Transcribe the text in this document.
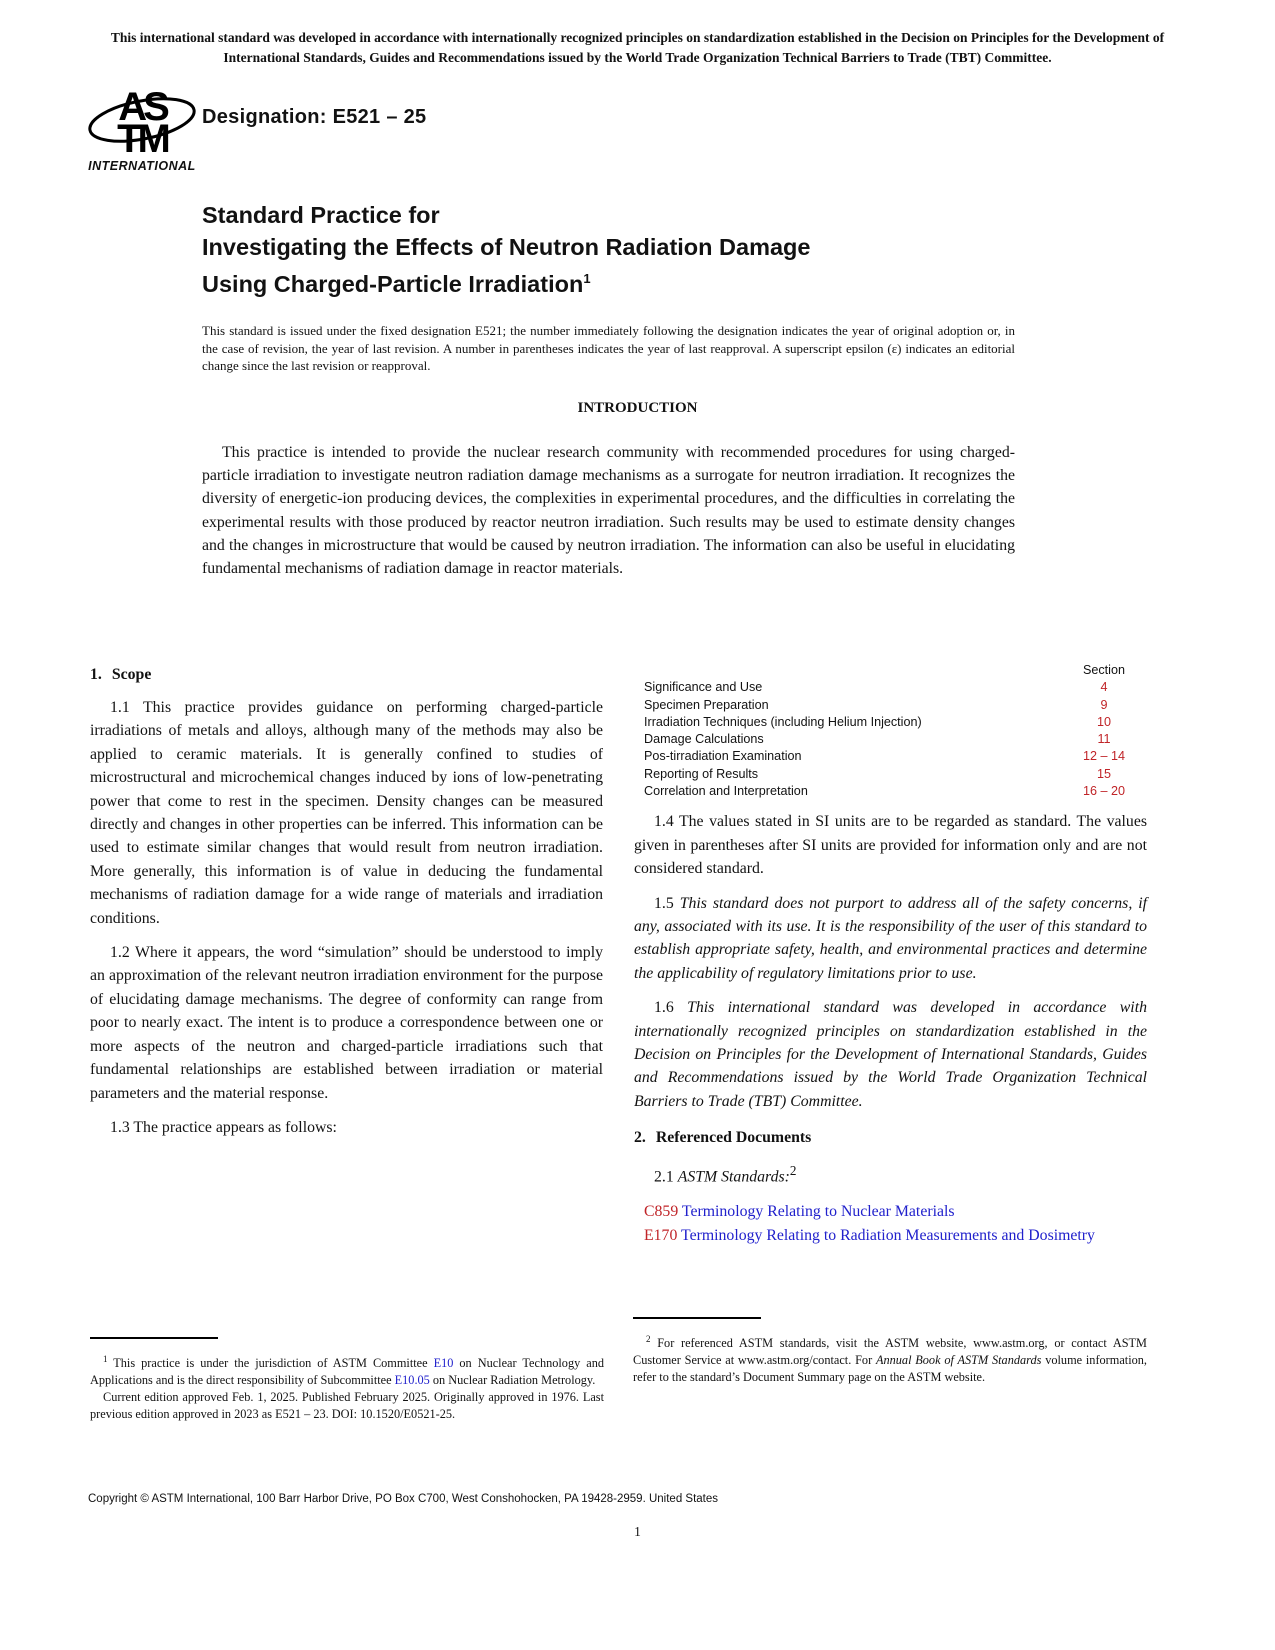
This international standard was developed in accordance with internationally recognized principles on standardization established in the Decision on Principles for the Development of International Standards, Guides and Recommendations issued by the World Trade Organization Technical Barriers to Trade (TBT) Committee.
AS
TM
INTERNATIONAL
Designation: E521 – 25
Standard Practice for
Investigating the Effects of Neutron Radiation Damage
Using Charged-Particle Irradiation$^1$

This standard is issued under the fixed designation E521; the number immediately following the designation indicates the year of original adoption or, in the case of revision, the year of last revision. A number in parentheses indicates the year of last reapproval. A superscript epsilon (ε) indicates an editorial change since the last revision or reapproval.

INTRODUCTION

This practice is intended to provide the nuclear research community with recommended procedures for using charged-particle irradiation to investigate neutron radiation damage mechanisms as a surrogate for neutron irradiation. It recognizes the diversity of energetic-ion producing devices, the complexities in experimental procedures, and the difficulties in correlating the experimental results with those produced by reactor neutron irradiation. Such results may be used to estimate density changes and the changes in microstructure that would be caused by neutron irradiation. The information can also be useful in elucidating fundamental mechanisms of radiation damage in reactor materials.

1. Scope

1.1 This practice provides guidance on performing charged-particle irradiations of metals and alloys, although many of the methods may also be applied to ceramic materials. It is generally confined to studies of microstructural and microchemical changes induced by ions of low-penetrating power that come to rest in the specimen. Density changes can be measured directly and changes in other properties can be inferred. This information can be used to estimate similar changes that would result from neutron irradiation. More generally, this information is of value in deducing the fundamental mechanisms of radiation damage for a wide range of materials and irradiation conditions.

1.2 Where it appears, the word “simulation” should be understood to imply an approximation of the relevant neutron irradiation environment for the purpose of elucidating damage mechanisms. The degree of conformity can range from poor to nearly exact. The intent is to produce a correspondence between one or more aspects of the neutron and charged-particle irradiations such that fundamental relationships are established between irradiation or material parameters and the material response.

1.3 The practice appears as follows:

Section
Significance and Use	4
Specimen Preparation	9
Irradiation Techniques (including Helium Injection)	10
Damage Calculations	11
Pos-tirradiation Examination	12 – 14
Reporting of Results	15
Correlation and Interpretation	16 – 20

1.4 The values stated in SI units are to be regarded as standard. The values given in parentheses after SI units are provided for information only and are not considered standard.

1.5 This standard does not purport to address all of the safety concerns, if any, associated with its use. It is the responsibility of the user of this standard to establish appropriate safety, health, and environmental practices and determine the applicability of regulatory limitations prior to use.

1.6 This international standard was developed in accordance with internationally recognized principles on standardization established in the Decision on Principles for the Development of International Standards, Guides and Recommendations issued by the World Trade Organization Technical Barriers to Trade (TBT) Committee.

2. Referenced Documents

2.1 ASTM Standards:$^2$

C859 Terminology Relating to Nuclear Materials

E170 Terminology Relating to Radiation Measurements and Dosimetry

$^1$ This practice is under the jurisdiction of ASTM Committee E10 on Nuclear Technology and Applications and is the direct responsibility of Subcommittee E10.05 on Nuclear Radiation Metrology.

Current edition approved Feb. 1, 2025. Published February 2025. Originally approved in 1976. Last previous edition approved in 2023 as E521 – 23. DOI: 10.1520/E0521-25.

$^2$ For referenced ASTM standards, visit the ASTM website, www.astm.org, or contact ASTM Customer Service at www.astm.org/contact. For Annual Book of ASTM Standards volume information, refer to the standard’s Document Summary page on the ASTM website.

Copyright © ASTM International, 100 Barr Harbor Drive, PO Box C700, West Conshohocken, PA 19428-2959. United States
1
